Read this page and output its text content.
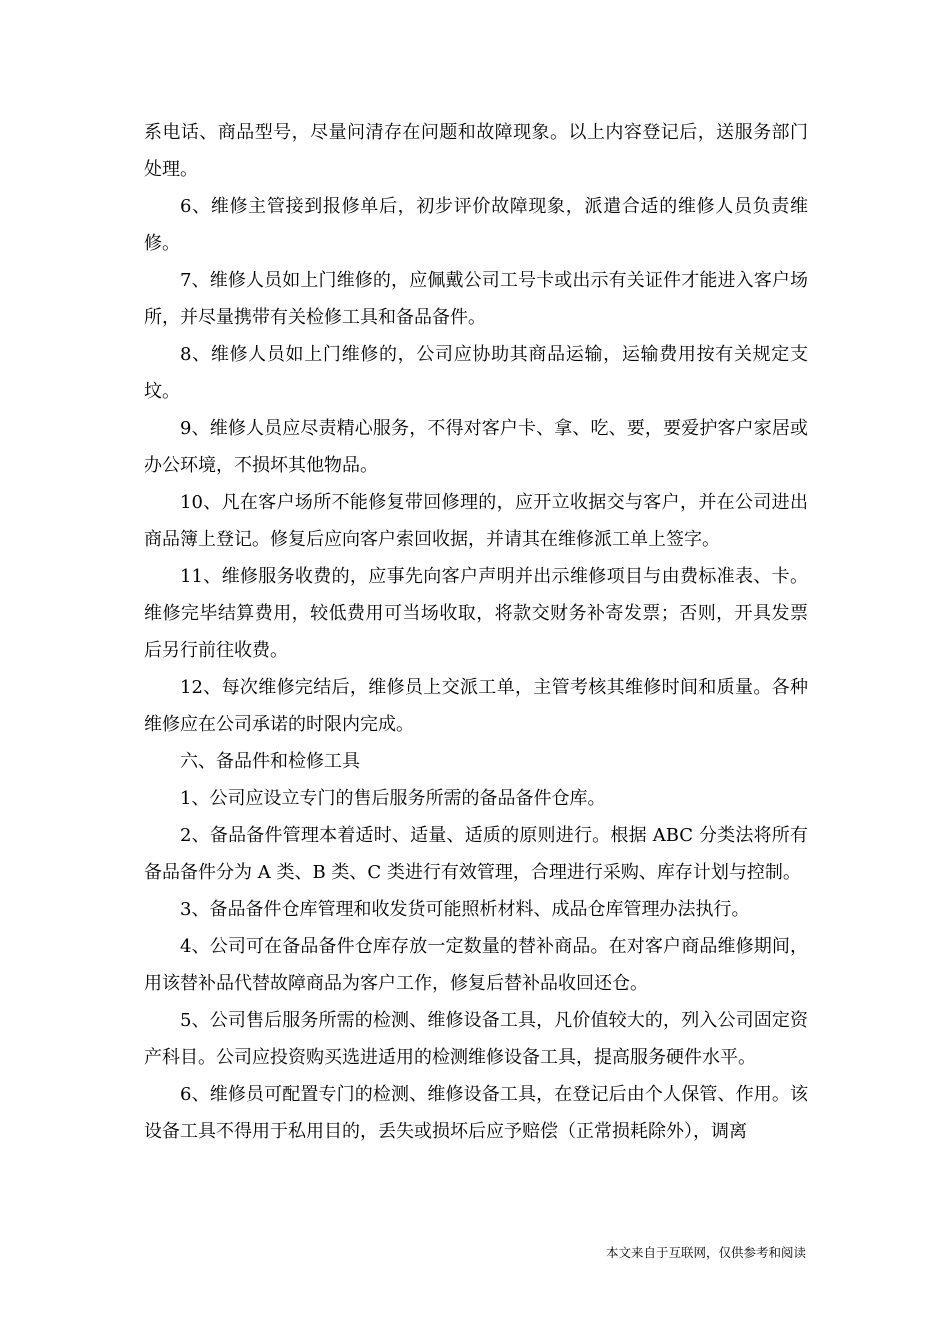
系电话、商品型号，尽量问清存在问题和故障现象。以上内容登记后，送服务部门处理。

6、维修主管接到报修单后，初步评价故障现象，派遣合适的维修人员负责维修。

7、维修人员如上门维修的，应佩戴公司工号卡或出示有关证件才能进入客户场所，并尽量携带有关检修工具和备品备件。

8、维修人员如上门维修的，公司应协助其商品运输，运输费用按有关规定支坟。

9、维修人员应尽责精心服务，不得对客户卡、拿、吃、要，要爱护客户家居或办公环境，不损坏其他物品。

10、凡在客户场所不能修复带回修理的，应开立收据交与客户，并在公司进出商品簿上登记。修复后应向客户索回收据，并请其在维修派工单上签字。

11、维修服务收费的，应事先向客户声明并出示维修项目与由费标准表、卡。维修完毕结算费用，较低费用可当场收取，将款交财务补寄发票；否则，开具发票后另行前往收费。

12、每次维修完结后，维修员上交派工单，主管考核其维修时间和质量。各种维修应在公司承诺的时限内完成。

六、备品件和检修工具

1、公司应设立专门的售后服务所需的备品备件仓库。

2、备品备件管理本着适时、适量、适质的原则进行。根据 ABC 分类法将所有备品备件分为 A 类、B 类、C 类进行有效管理，合理进行采购、库存计划与控制。

3、备品备件仓库管理和收发货可能照析材料、成品仓库管理办法执行。

4、公司可在备品备件仓库存放一定数量的替补商品。在对客户商品维修期间，用该替补品代替故障商品为客户工作，修复后替补品收回还仓。

5、公司售后服务所需的检测、维修设备工具，凡价值较大的，列入公司固定资产科目。公司应投资购买选进适用的检测维修设备工具，提高服务硬件水平。

6、维修员可配置专门的检测、维修设备工具，在登记后由个人保管、作用。该设备工具不得用于私用目的，丢失或损坏后应予赔偿（正常损耗除外），调离

本文来自于互联网，仅供参考和阅读
